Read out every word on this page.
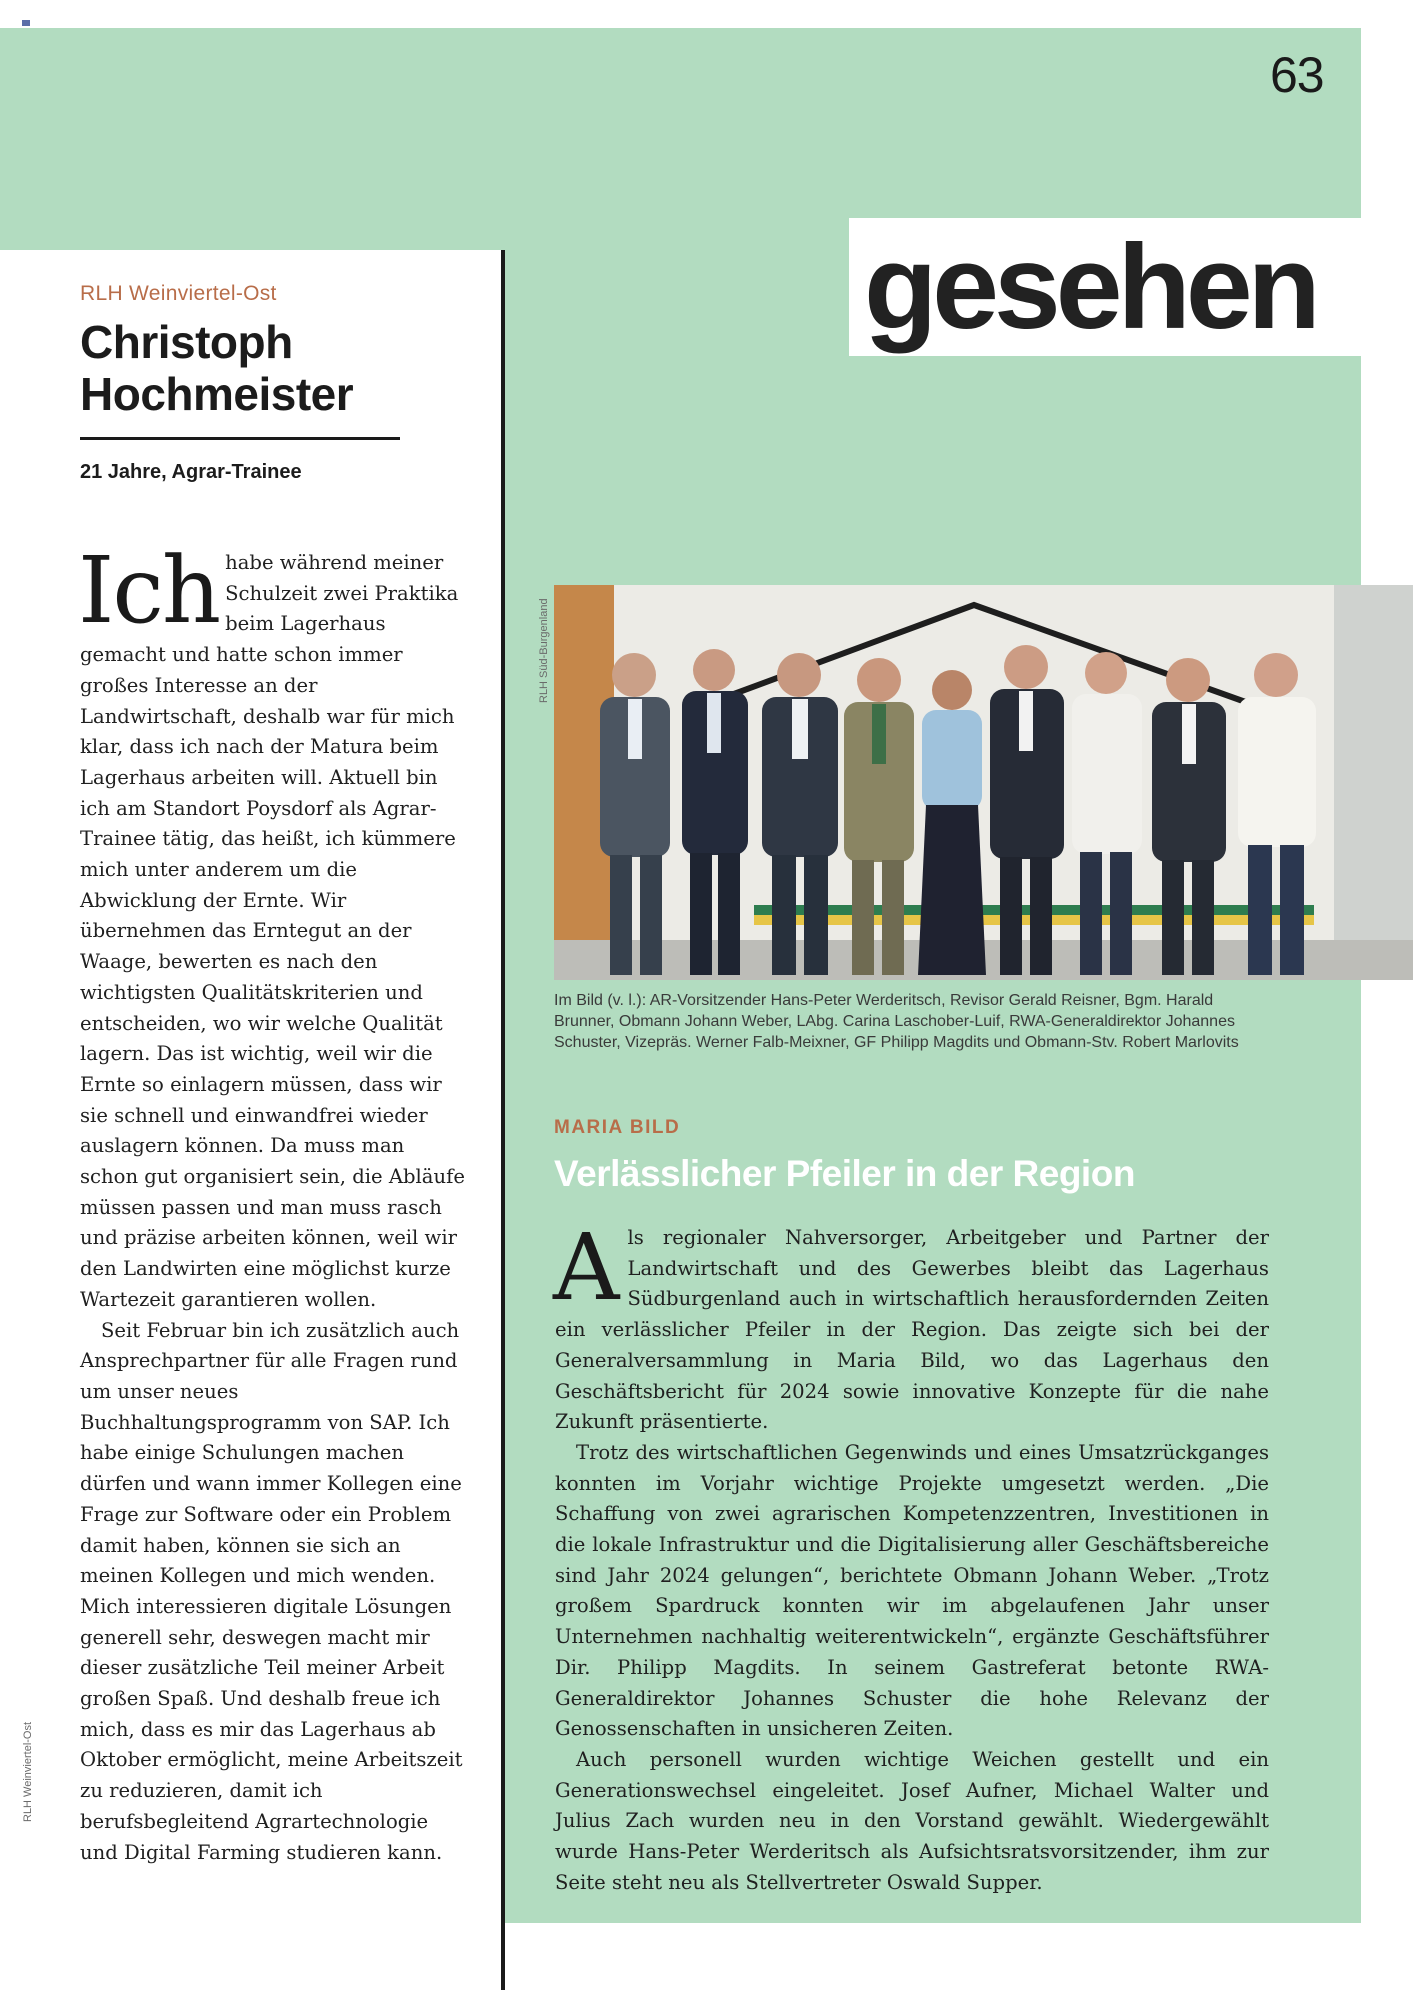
63
gesehen
RLH Weinviertel-Ost
Christoph
Hochmeister
21 Jahre, Agrar-Trainee

Ich habe während meiner Schulzeit zwei Praktika beim Lagerhaus gemacht und hatte schon immer großes Interesse an der Landwirtschaft, deshalb war für mich klar, dass ich nach der Matura beim Lagerhaus arbeiten will. Aktuell bin ich am Standort Poysdorf als Agrar-Trainee tätig, das heißt, ich kümmere mich unter anderem um die Abwicklung der Ernte. Wir übernehmen das Erntegut an der Waage, bewerten es nach den wichtigsten Qualitätskriterien und entscheiden, wo wir welche Qualität lagern. Das ist wichtig, weil wir die Ernte so einlagern müssen, dass wir sie schnell und einwandfrei wieder auslagern können. Da muss man schon gut organisiert sein, die Abläufe müssen passen und man muss rasch und präzise arbeiten können, weil wir den Landwirten eine möglichst kurze Wartezeit garantieren wollen.

Seit Februar bin ich zusätzlich auch Ansprechpartner für alle Fragen rund um unser neues Buchhaltungsprogramm von SAP. Ich habe einige Schulungen machen dürfen und wann immer Kollegen eine Frage zur Software oder ein Problem damit haben, können sie sich an meinen Kollegen und mich wenden. Mich interessieren digitale Lösungen generell sehr, deswegen macht mir dieser zusätzliche Teil meiner Arbeit großen Spaß. Und deshalb freue ich mich, dass es mir das Lagerhaus ab Oktober ermöglicht, meine Arbeitszeit zu reduzieren, damit ich berufsbegleitend Agrartechnologie und Digital Farming studieren kann.

RLH Weinviertel-Ost
RLH Süd-Burgenland
Im Bild (v. l.): AR-Vorsitzender Hans-Peter Werderitsch, Revisor Gerald Reisner, Bgm. Harald Brunner, Obmann Johann Weber, LAbg. Carina Laschober-Luif, RWA-Generaldirektor Johannes Schuster, Vizepräs. Werner Falb-Meixner, GF Philipp Magdits und Obmann-Stv. Robert Marlovits
MARIA BILD
Verlässlicher Pfeiler in der Region

Als regionaler Nahversorger, Arbeitgeber und Partner der Landwirtschaft und des Gewerbes bleibt das Lagerhaus Südburgenland auch in wirtschaftlich herausfordernden Zeiten ein verlässlicher Pfeiler in der Region. Das zeigte sich bei der Generalversammlung in Maria Bild, wo das Lagerhaus den Geschäftsbericht für 2024 sowie innovative Konzepte für die nahe Zukunft präsentierte.

Trotz des wirtschaftlichen Gegenwinds und eines Umsatzrückganges konnten im Vorjahr wichtige Projekte umgesetzt werden. „Die Schaffung von zwei agrarischen Kompetenzzentren, Investitionen in die lokale Infrastruktur und die Digitalisierung aller Geschäftsbereiche sind Jahr 2024 gelungen“, berichtete Obmann Johann Weber. „Trotz großem Spardruck konnten wir im abgelaufenen Jahr unser Unternehmen nachhaltig weiterentwickeln“, ergänzte Geschäftsführer Dir. Philipp Magdits. In seinem Gastreferat betonte RWA-Generaldirektor Johannes Schuster die hohe Relevanz der Genossenschaften in unsicheren Zeiten.

Auch personell wurden wichtige Weichen gestellt und ein Generationswechsel eingeleitet. Josef Aufner, Michael Walter und Julius Zach wurden neu in den Vorstand gewählt. Wiedergewählt wurde Hans-Peter Werderitsch als Aufsichtsratsvorsitzender, ihm zur Seite steht neu als Stellvertreter Oswald Supper.
